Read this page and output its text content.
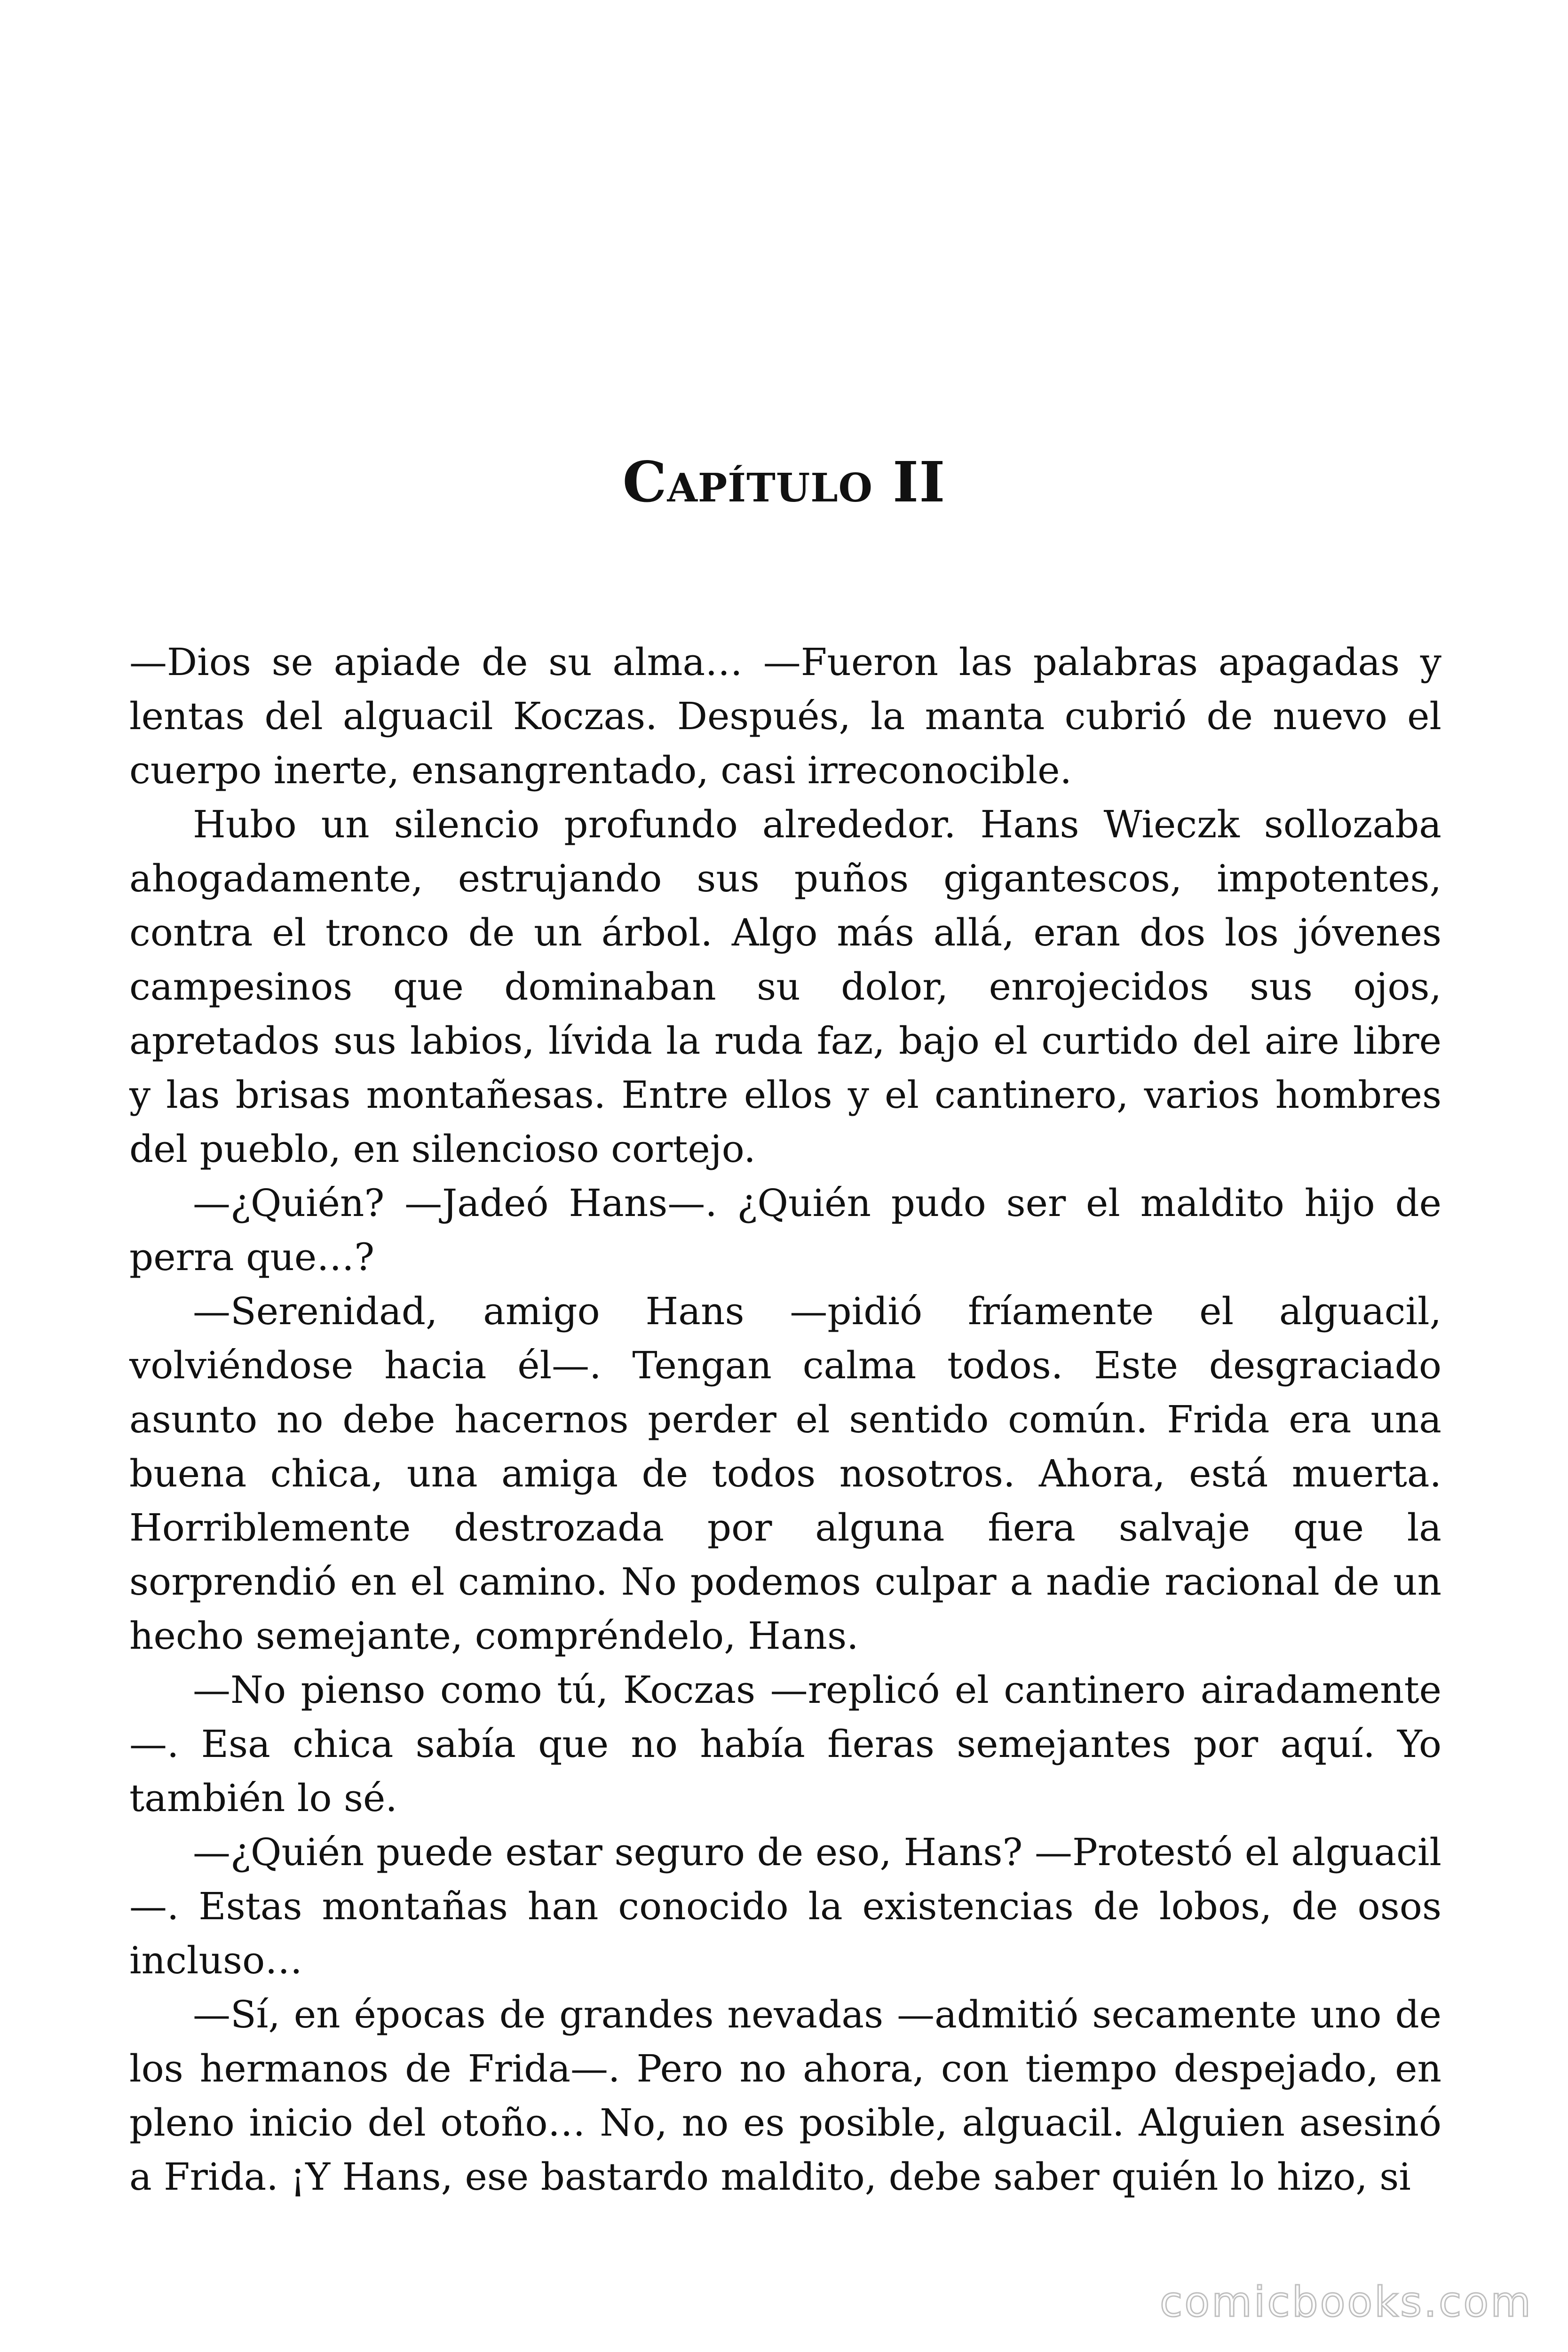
Capítulo II

—Dios se apiade de su alma… —Fueron las palabras apagadas y lentas del alguacil Koczas. Después, la manta cubrió de nuevo el cuerpo inerte, ensangrentado, casi irreconocible.

Hubo un silencio profundo alrededor. Hans Wieczk sollozaba ahogadamente, estrujando sus puños gigantescos, impotentes, contra el tronco de un árbol. Algo más allá, eran dos los jóvenes campesinos que dominaban su dolor, enrojecidos sus ojos, apretados sus labios, lívida la ruda faz, bajo el curtido del aire libre y las brisas montañesas. Entre ellos y el cantinero, varios hombres del pueblo, en silencioso cortejo.

—¿Quién? —Jadeó Hans—. ¿Quién pudo ser el maldito hijo de perra que…?

—Serenidad, amigo Hans —pidió fríamente el alguacil, volviéndose hacia él—. Tengan calma todos. Este desgraciado asunto no debe hacernos perder el sentido común. Frida era una buena chica, una amiga de todos nosotros. Ahora, está muerta. Horriblemente destrozada por alguna fiera salvaje que la sorprendió en el camino. No podemos culpar a nadie racional de un hecho semejante, compréndelo, Hans.

—No pienso como tú, Koczas —replicó el cantinero airadamente —. Esa chica sabía que no había fieras semejantes por aquí. Yo también lo sé.

—¿Quién puede estar seguro de eso, Hans? —Protestó el alguacil—. Estas montañas han conocido la existencias de lobos, de osos incluso…

—Sí, en épocas de grandes nevadas —admitió secamente uno de los hermanos de Frida—. Pero no ahora, con tiempo despejado, en pleno inicio del otoño… No, no es posible, alguacil. Alguien asesinó a Frida. ¡Y Hans, ese bastardo maldito, debe saber quién lo hizo, si

comicbooks.com
